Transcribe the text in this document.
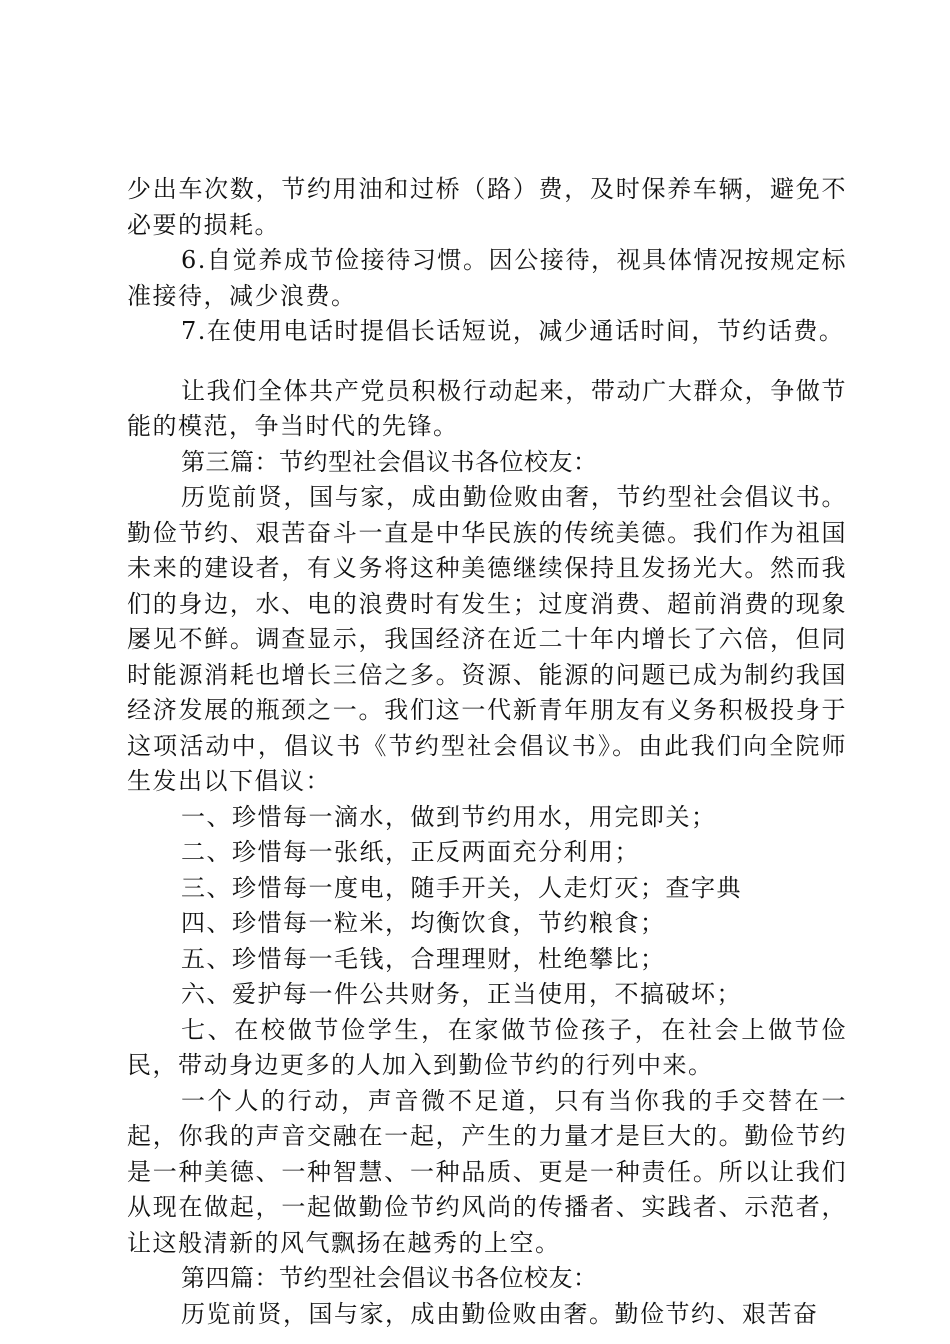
少出车次数，节约用油和过桥（路）费，及时保养车辆，避免不必要的损耗。

6.自觉养成节俭接待习惯。因公接待，视具体情况按规定标准接待，减少浪费。

7.在使用电话时提倡长话短说，减少通话时间，节约话费。

让我们全体共产党员积极行动起来，带动广大群众，争做节能的模范，争当时代的先锋。

第三篇：节约型社会倡议书各位校友：

历览前贤，国与家，成由勤俭败由奢，节约型社会倡议书。勤俭节约、艰苦奋斗一直是中华民族的传统美德。我们作为祖国未来的建设者，有义务将这种美德继续保持且发扬光大。然而我们的身边，水、电的浪费时有发生；过度消费、超前消费的现象屡见不鲜。调查显示，我国经济在近二十年内增长了六倍，但同时能源消耗也增长三倍之多。资源、能源的问题已成为制约我国经济发展的瓶颈之一。我们这一代新青年朋友有义务积极投身于这项活动中，倡议书《节约型社会倡议书》。由此我们向全院师生发出以下倡议：

一、珍惜每一滴水，做到节约用水，用完即关；

二、珍惜每一张纸，正反两面充分利用；

三、珍惜每一度电，随手开关，人走灯灭；查字典

四、珍惜每一粒米，均衡饮食，节约粮食；

五、珍惜每一毛钱，合理理财，杜绝攀比；

六、爱护每一件公共财务，正当使用，不搞破坏；

七、在校做节俭学生，在家做节俭孩子，在社会上做节俭民，带动身边更多的人加入到勤俭节约的行列中来。

一个人的行动，声音微不足道，只有当你我的手交替在一起，你我的声音交融在一起，产生的力量才是巨大的。勤俭节约是一种美德、一种智慧、一种品质、更是一种责任。所以让我们从现在做起，一起做勤俭节约风尚的传播者、实践者、示范者，让这般清新的风气飘扬在越秀的上空。

第四篇：节约型社会倡议书各位校友：

历览前贤，国与家，成由勤俭败由奢。勤俭节约、艰苦奋
